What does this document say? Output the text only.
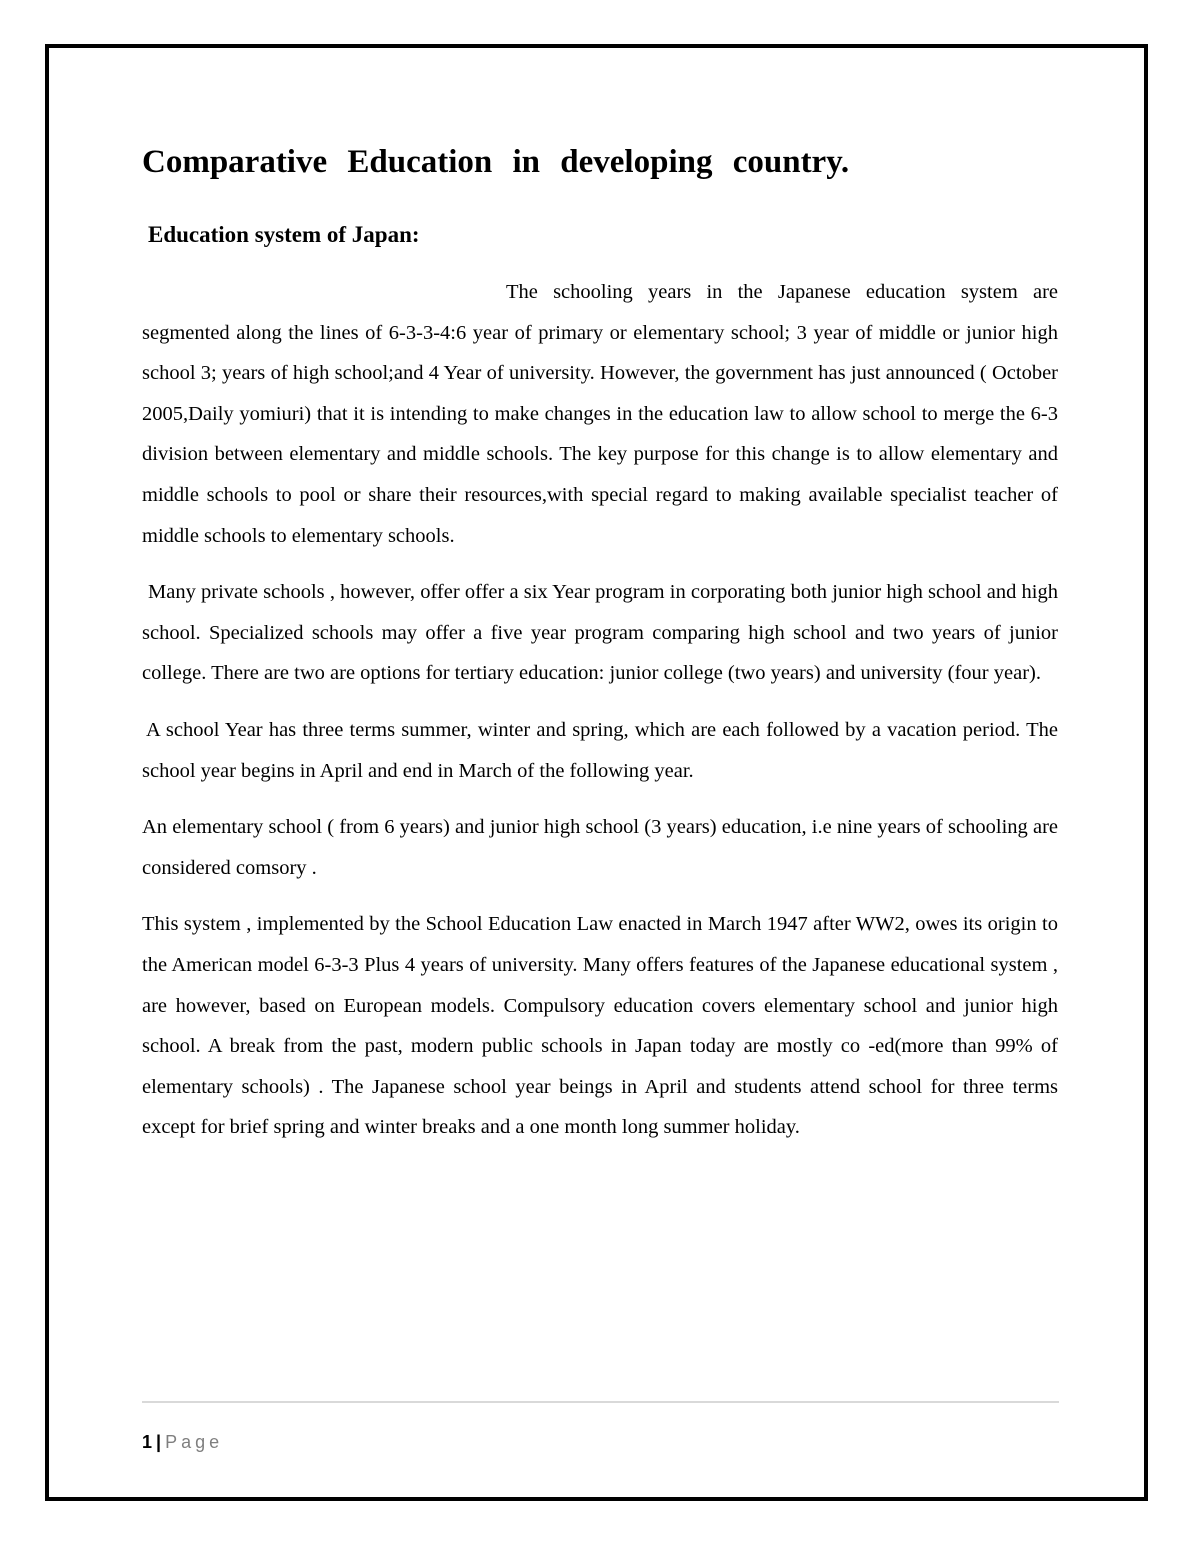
Comparative Education in developing country.
Education system of Japan:

The schooling years in the Japanese education system are segmented along the lines of 6-3-3-4:6 year of primary or elementary school; 3 year of middle or junior high school 3; years of high school;and 4 Year of university. However, the government has just announced ( October 2005,Daily yomiuri) that it is intending to make changes in the education law to allow school to merge the 6-3 division between elementary and middle schools. The key purpose for this change is to allow elementary and middle schools to pool or share their resources,with special regard to making available specialist teacher of middle schools to elementary schools.

Many private schools , however, offer offer a six Year program in corporating both junior high school and high school. Specialized schools may offer a five year program comparing high school and two years of junior college. There are two are options for tertiary education: junior college (two years) and university (four year).

A school Year has three terms summer, winter and spring, which are each followed by a vacation period. The school year begins in April and end in March of the following year.

An elementary school ( from 6 years) and junior high school (3 years) education, i.e nine years of schooling are considered comsory .

This system , implemented by the School Education Law enacted in March 1947 after WW2, owes its origin to the American model 6-3-3 Plus 4 years of university. Many offers features of the Japanese educational system , are however, based on European models. Compulsory education covers elementary school and junior high school. A break from the past, modern public schools in Japan today are mostly co -ed(more than 99% of elementary schools) . The Japanese school year beings in April and students attend school for three terms except for brief spring and winter breaks and a one month long summer holiday.

1 | Page
